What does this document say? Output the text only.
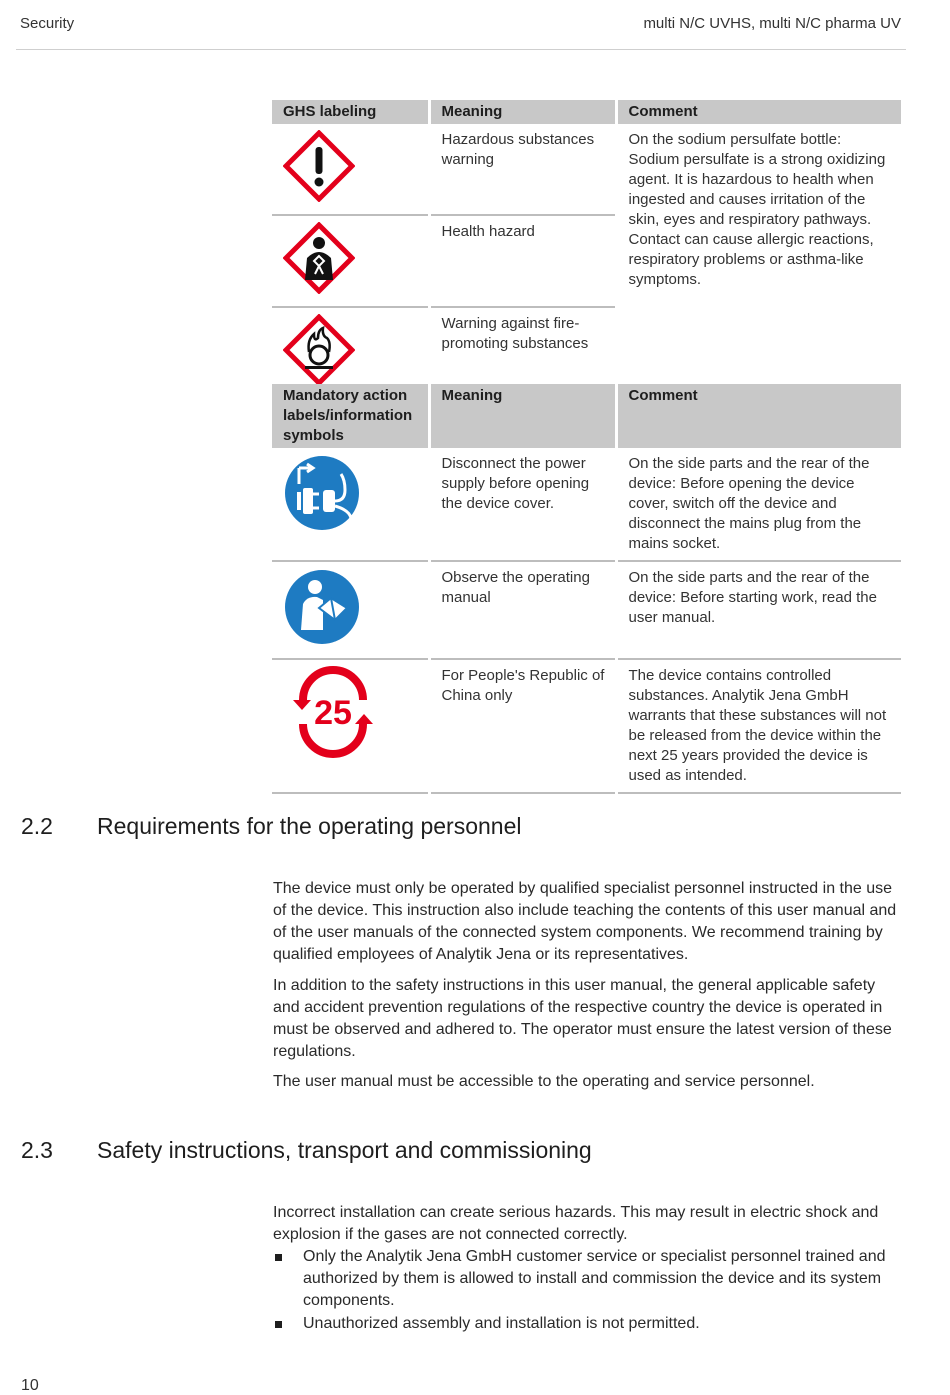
Security	multi N/C UVHS, multi N/C pharma UV
GHS labeling	Meaning	Comment
	Hazardous substances warning	On the sodium persulfate bottle: Sodium persulfate is a strong oxidizing agent. It is hazardous to health when ingested and causes irritation of the skin, eyes and respiratory pathways. Contact can cause allergic reactions, respiratory problems or asthma-like symptoms.
	Health hazard	
	Warning against fire-promoting substances	
Mandatory action labels/information symbols	Meaning	Comment
	Disconnect the power supply before opening the device cover.	On the side parts and the rear of the device: Before opening the device cover, switch off the device and disconnect the mains plug from the mains socket.
	Observe the operating manual	On the side parts and the rear of the device: Before starting work, read the user manual.

25	For People's Republic of China only	The device contains controlled substances. Analytik Jena GmbH warrants that these substances will not be released from the device within the next 25 years provided the device is used as intended.
2.2 Requirements for the operating personnel

The device must only be operated by qualified specialist personnel instructed in the use of the device. This instruction also include teaching the contents of this user manual and of the user manuals of the connected system components. We recommend training by qualified employees of Analytik Jena or its representatives.

In addition to the safety instructions in this user manual, the general applicable safety and accident prevention regulations of the respective country the device is operated in must be observed and adhered to. The operator must ensure the latest version of these regulations.

The user manual must be accessible to the operating and service personnel.

2.3 Safety instructions, transport and commissioning

Incorrect installation can create serious hazards. This may result in electric shock and explosion if the gases are not connected correctly.

Only the Analytik Jena GmbH customer service or specialist personnel trained and authorized by them is allowed to install and commission the device and its system components.
Unauthorized assembly and installation is not permitted.
10
